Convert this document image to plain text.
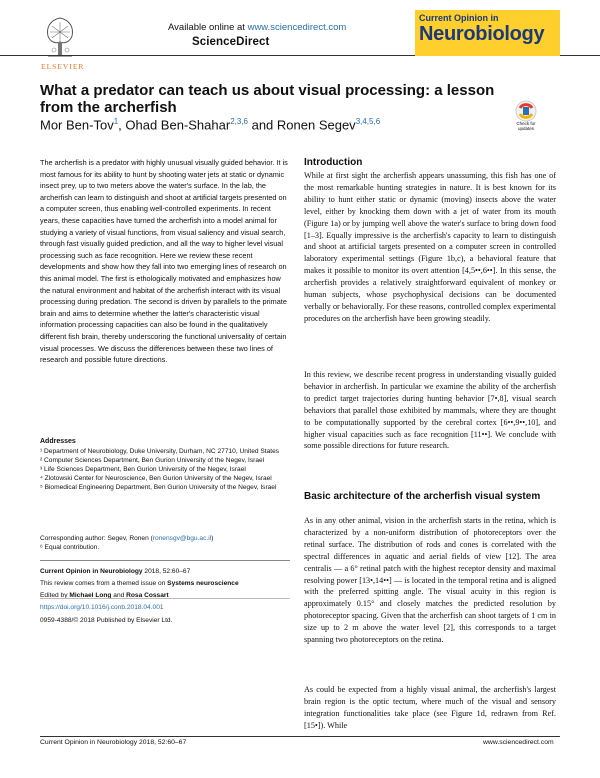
ELSEVIER
Available online at www.sciencedirect.com
ScienceDirect
Current Opinion in
Neurobiology
What a predator can teach us about visual processing: a lesson from the archerfish
Mor Ben-Tov$^1$, Ohad Ben-Shahar$^{2,3,6}$ and Ronen Segev$^{3,4,5,6}$	Check for updates
The archerfish is a predator with highly unusual visually guided behavior. It is most famous for its ability to hunt by shooting water jets at static or dynamic insect prey, up to two meters above the water's surface. In the lab, the archerfish can learn to distinguish and shoot at artificial targets presented on a computer screen, thus enabling well-controlled experiments. In recent years, these capacities have turned the archerfish into a model animal for studying a variety of visual functions, from visual saliency and visual search, through fast visually guided prediction, and all the way to higher level visual processing such as face recognition. Here we review these recent developments and show how they fall into two emerging lines of research on this animal model. The first is ethologically motivated and emphasizes how the natural environment and habitat of the archerfish interact with its visual processing during predation. The second is driven by parallels to the primate brain and aims to determine whether the latter's characteristic visual information processing capacities can also be found in the qualitatively different fish brain, thereby underscoring the functional universality of certain visual processes. We discuss the differences between these two lines of research and possible future directions.
Addresses
¹ Department of Neurobiology, Duke University, Durham, NC 27710, United States
² Computer Sciences Department, Ben Gurion University of the Negev, Israel
³ Life Sciences Department, Ben Gurion University of the Negev, Israel
⁴ Zlotowski Center for Neuroscience, Ben Gurion University of the Negev, Israel
⁵ Biomedical Engineering Department, Ben Gurion University of the Negev, Israel
Corresponding author: Segev, Ronen (ronensgv@bgu.ac.il)
⁶ Equal contribution.
Current Opinion in Neurobiology 2018, 52:60–67
This review comes from a themed issue on Systems neuroscience
Edited by Michael Long and Rosa Cossart
https://doi.org/10.1016/j.conb.2018.04.001
0959-4388/© 2018 Published by Elsevier Ltd.
Introduction
While at first sight the archerfish appears unassuming, this fish has one of the most remarkable hunting strategies in nature. It is best known for its ability to hunt either static or dynamic (moving) insects above the water level, either by knocking them down with a jet of water from its mouth (Figure 1a) or by jumping well above the water's surface to bring down food [1–3]. Equally impressive is the archerfish's capacity to learn to distinguish and shoot at artificial targets presented on a computer screen in controlled laboratory experimental settings (Figure 1b,c), a behavioral feature that makes it possible to monitor its overt attention [4,5••,6••]. In this sense, the archerfish provides a relatively straightforward equivalent of monkey or human subjects, whose psychophysical decisions can be documented verbally or behaviorally. For these reasons, controlled complex experimental procedures on the archerfish have been growing steadily.
In this review, we describe recent progress in understanding visually guided behavior in archerfish. In particular we examine the ability of the archerfish to predict target trajectories during hunting behavior [7•,8], visual search behaviors that parallel those exhibited by mammals, where they are thought to be computationally supported by the cerebral cortex [6••,9••,10], and higher visual capacities such as face recognition [11••]. We conclude with some possible directions for future research.
Basic architecture of the archerfish visual system
As in any other animal, vision in the archerfish starts in the retina, which is characterized by a non-uniform distribution of photoreceptors over the retinal surface. The distribution of rods and cones is correlated with the spectral differences in aquatic and aerial fields of view [12]. The area centralis — a 6° retinal patch with the highest receptor density and maximal resolving power [13•,14••] — is located in the temporal retina and is aligned with the preferred spitting angle. The visual acuity in this region is approximately 0.15° and closely matches the predicted resolution by photoreceptor spacing. Given that the archerfish can shoot targets of 1 cm in size up to 2 m above the water level [2], this corresponds to a target spanning two photoreceptors on the retina.
As could be expected from a highly visual animal, the archerfish's largest brain region is the optic tectum, where much of the visual and sensory integration functionalities take place (see Figure 1d, redrawn from Ref. [15•]). While
Current Opinion in Neurobiology 2018, 52:60–67	www.sciencedirect.com
